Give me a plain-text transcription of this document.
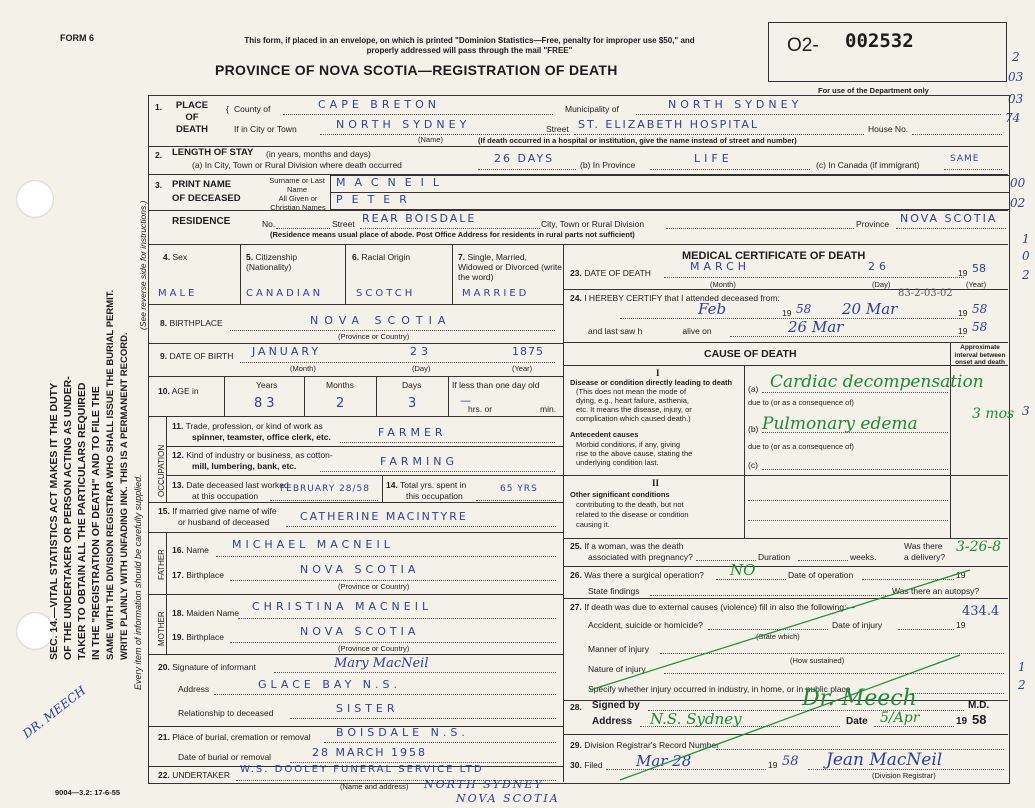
FORM 6	This form, if placed in an envelope, on which is printed "Dominion Statistics—Free, penalty for improper use $50," and properly addressed will pass through the mail "FREE"
PROVINCE OF NOVA SCOTIA—REGISTRATION OF DEATH
O2- 002532
For use of the Department only
2
03
03
74
00
02
1
0
2
3
1
2
SEC. 14.—VITAL STATISTICS ACT MAKES IT THE DUTY OF THE UNDERTAKER OR PERSON ACTING AS UNDER- TAKER TO OBTAIN ALL THE PARTICULARS REQUIRED IN THE "REGISTRATION OF DEATH" AND TO FILE THE SAME WITH THE DIVISION REGISTRAR WHO SHALL ISSUE THE BURIAL PERMIT. WRITE PLAINLY WITH UNFADING INK. THIS IS A PERMANENT RECORD. Every item of information should be carefully supplied.
(See reverse side for instructions.)
DR. MEECH
9004—3.2: 17-6-55
1.	PLACE
OF
DEATH
{ County of	CAPE BRETON	Municipality of	NORTH SYDNEY
If in City or Town	NORTH SYDNEY
(Name)
Street ST. ELIZABETH HOSPITAL	House No.
(If death occurred in a hospital or institution, give the name instead of street and number)
2. LENGTH OF STAY (in years, months and days)
(a) In City, Town or Rural Division where death occurred	26 DAYS	(b) In Province	LIFE	(c) In Canada (if immigrant)
SAME
3. PRINT NAME
OF DECEASED
Surname or Last Name
All Given or Christian Names
MACNEIL
PETER
RESIDENCE	No.	Street REAR BOISDALE	City, Town or Rural Division	Province NOVA SCOTIA
(Residence means usual place of abode. Post Office Address for residents in rural parts not sufficient)
4. Sex	5. Citizenship (Nationality)
6. Racial Origin	7. Single, Married, Widowed or Divorced (write the word)
MALE	CANADIAN	SCOTCH	MARRIED
8. BIRTHPLACE	NOVA SCOTIA
(Province or Country)
9. DATE OF BIRTH JANUARY	23	1875
(Month)	(Day)	(Year)
10. AGE in
Years	Months	Days	If less than one day old
83	2	3	—
hrs. or	min.
OCCUPATION
11. Trade, profession, or kind of work as
spinner, teamster, office clerk, etc.	FARMER
12. Kind of industry or business, as cotton-
mill, lumbering, bank, etc.	FARMING
13. Date deceased last worked
at this occupation
FEBRUARY 28/58 14. Total yrs. spent in
this occupation
65 YRS
15. If married give name of wife
or husband of deceased	CATHERINE MACINTYRE
FATHER 16. Name MICHAEL MACNEIL
17. Birthplace	NOVA SCOTIA
(Province or Country)
MOTHER 18. Maiden Name CHRISTINA MACNEIL
19. Birthplace	NOVA SCOTIA
(Province or Country)
20. Signature of informant	Mary MacNeil
Address	GLACE BAY N.S.
Relationship to deceased	SISTER
21. Place of burial, cremation or removal BOISDALE N.S.
Date of burial or removal	28 MARCH 1958
22. UNDERTAKER W.S. DOOLEY FUNERAL SERVICE LTD
(Name and address) NORTH SYDNEY
NOVA SCOTIA
MEDICAL CERTIFICATE OF DEATH
23. DATE OF DEATH	MARCH	26	19 58
(Month)	(Day)	(Year)
24. I HEREBY CERTIFY that I attended deceased from:	83-2-03-02
Feb	19 58 20 Mar	19 58
and last saw h	alive on	26 Mar	19 58
CAUSE OF DEATH
Approximate interval between onset and death
I
Disease or condition directly leading to death
(This does not mean the mode of
dying, e.g., heart failure, asthenia,
etc. It means the disease, injury, or
complication which caused death.)
(a) Cardiac decompensation
3 mos
due to (or as a consequence of)
(b) Pulmonary edema
Antecedent causes
Morbid conditions, if any, giving
rise to the above cause, stating the
underlying condition last.
due to (or as a consequence of)
(c)
II
Other significant conditions
contributing to the death, but not
related to the disease or condition
causing it.
25. If a woman, was the death
associated with pregnancy?	Duration	weeks.
Was there
a delivery?
3-26-8
26. Was there a surgical operation? NO	Date of operation	19
State findings	Was there an autopsy?
27. If death was due to external causes (violence) fill in also the following:—	434.4
Accident, suicide or homicide?	Date of injury	19
(State which)
Manner of injury
(How sustained)
Nature of injury
Specify whether injury occurred in industry, in home, or in public place
28. Signed by	Dr. Meech	M.D.
Address N.S. Sydney	Date 5/Apr	19 58
29. Division Registrar's Record Number
30. Filed Mar 28	19 58 Jean MacNeil
(Division Registrar)
